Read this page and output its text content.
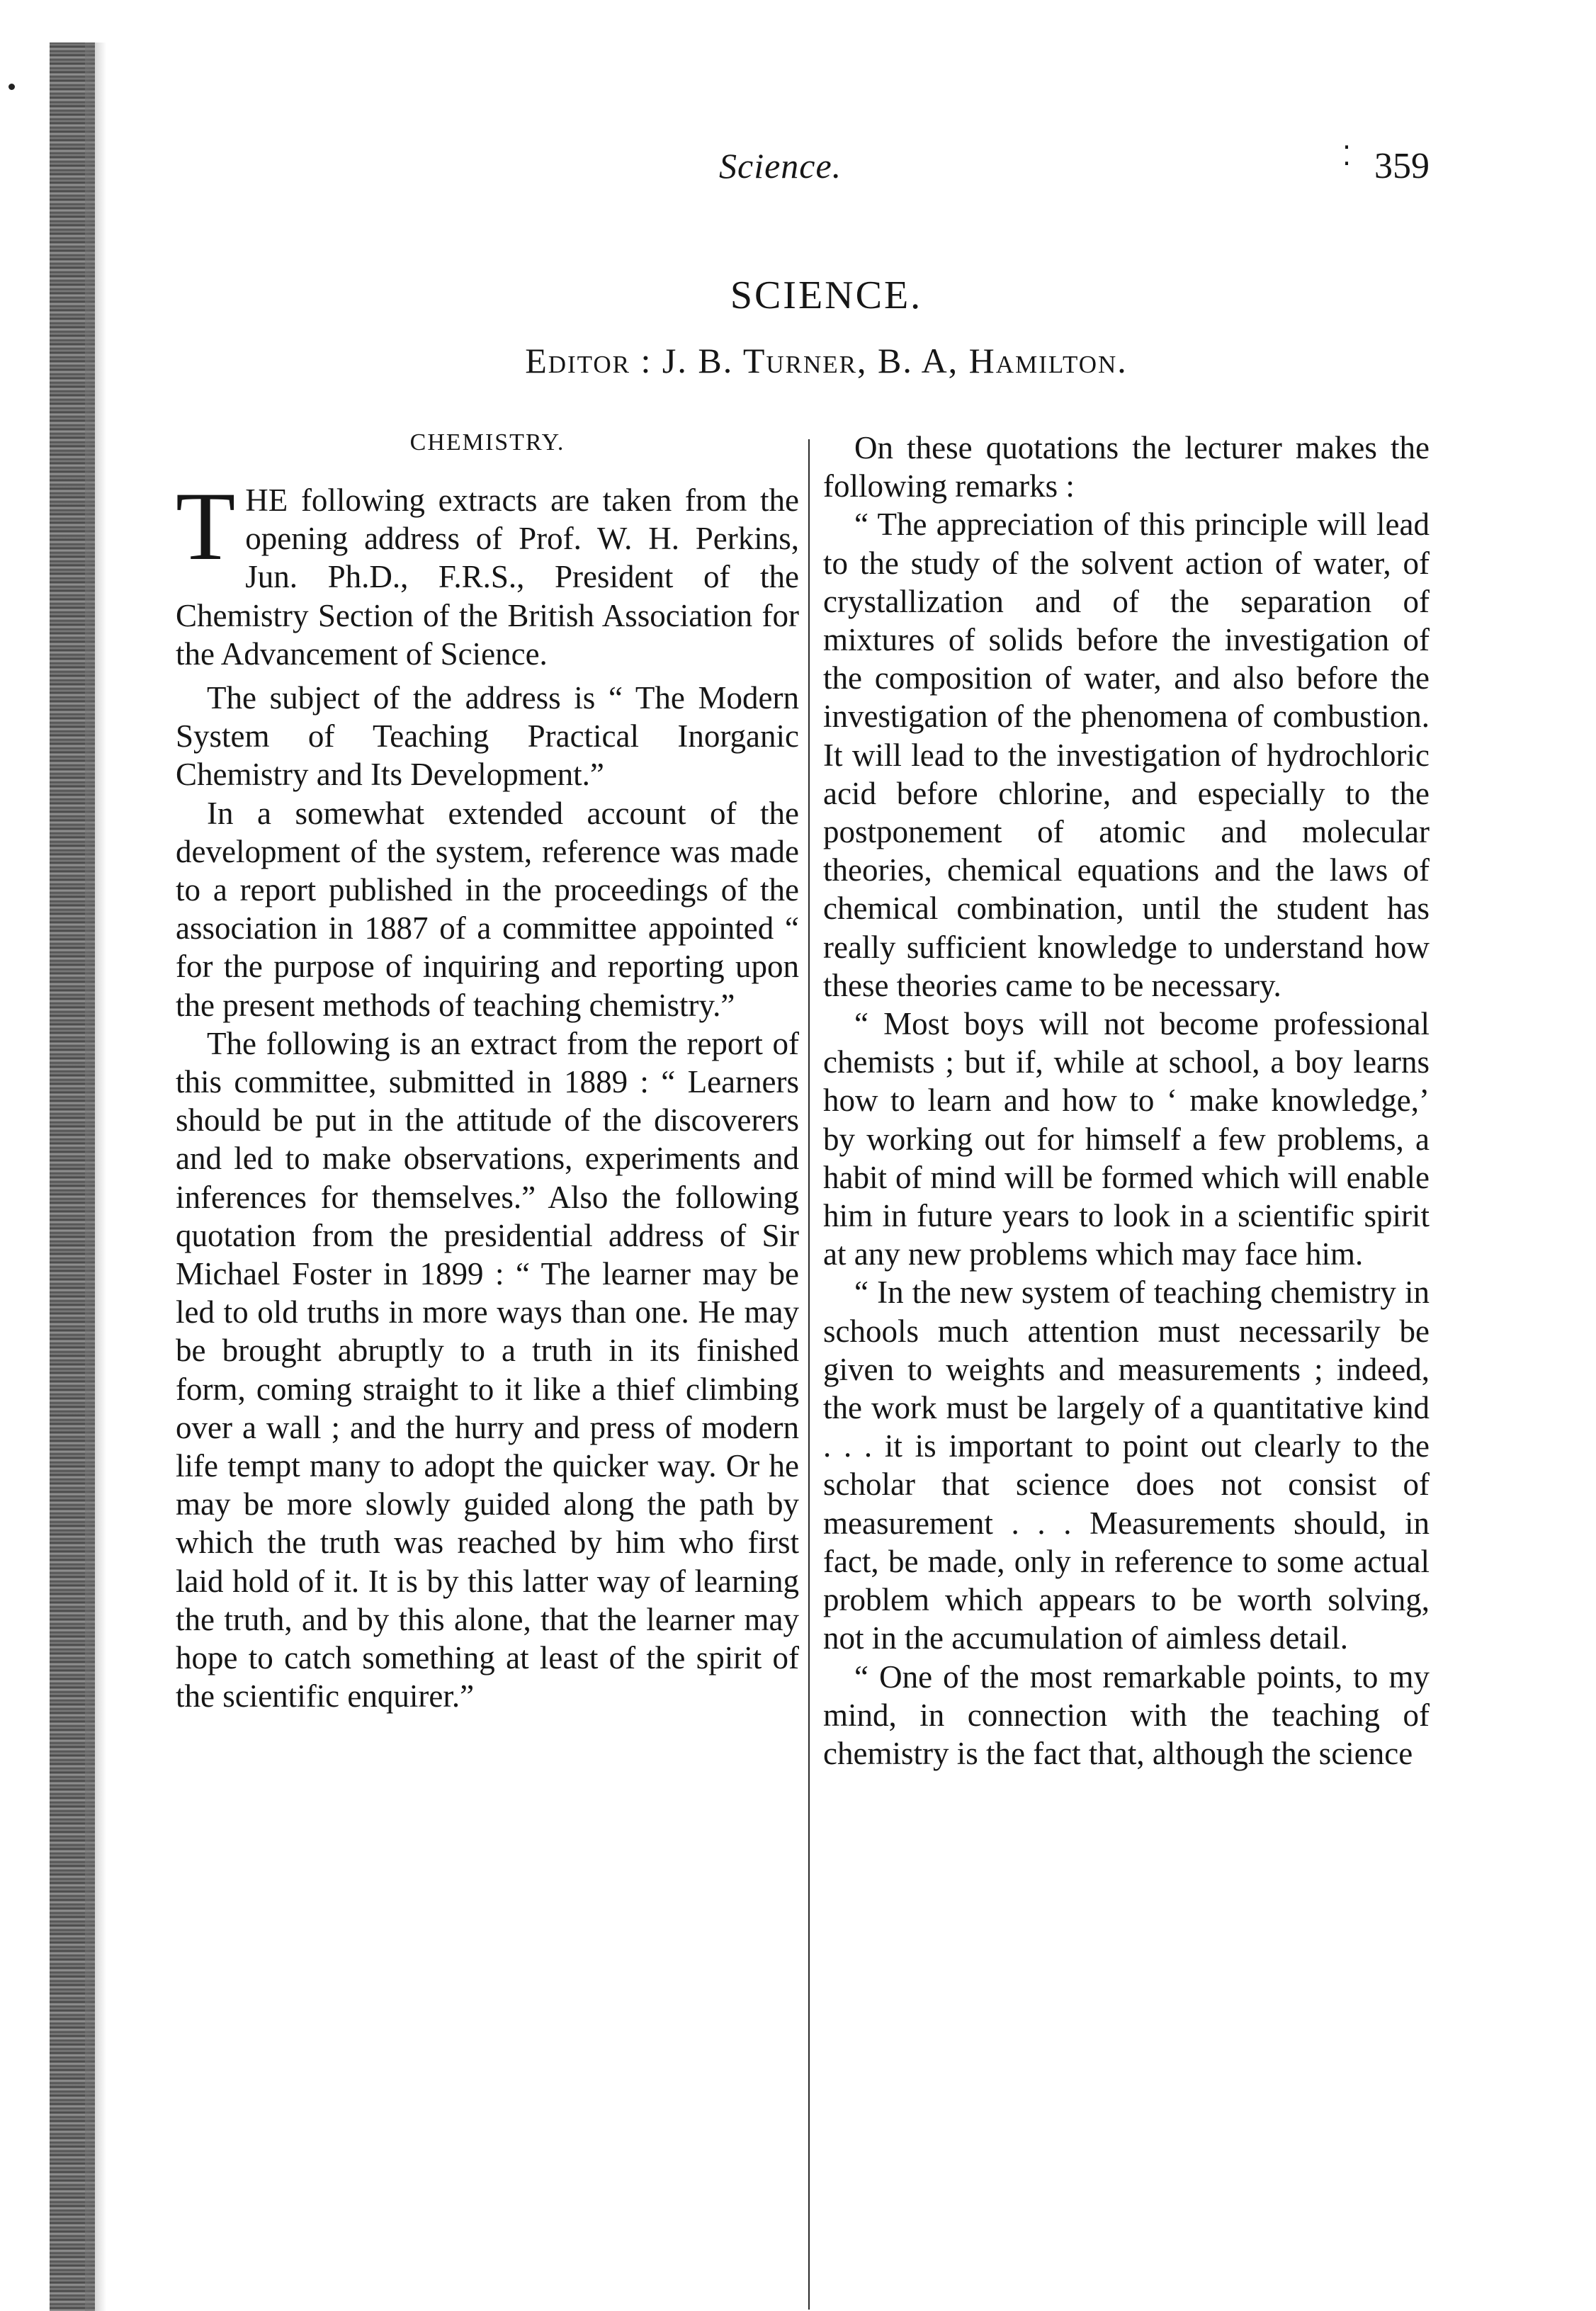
Science.	⁚ 359
SCIENCE.
Editor : J. B. Turner, B. A, Hamilton.
CHEMISTRY.

THE following extracts are taken from the opening address of Prof. W. H. Perkins, Jun. Ph.D., F.R.S., President of the Chemistry Section of the British Association for the Advancement of Science.

The subject of the address is “ The Modern System of Teaching Practical Inorganic Chemistry and Its Development.”

In a somewhat extended account of the development of the system, reference was made to a report published in the proceedings of the association in 1887 of a committee appointed “ for the purpose of inquiring and reporting upon the present methods of teaching chemistry.”

The following is an extract from the report of this committee, submitted in 1889 : “ Learners should be put in the attitude of the discoverers and led to make observations, experiments and inferences for themselves.” Also the following quotation from the presidential address of Sir Michael Foster in 1899 : “ The learner may be led to old truths in more ways than one. He may be brought abruptly to a truth in its finished form, coming straight to it like a thief climbing over a wall ; and the hurry and press of modern life tempt many to adopt the quicker way. Or he may be more slowly guided along the path by which the truth was reached by him who first laid hold of it. It is by this latter way of learning the truth, and by this alone, that the learner may hope to catch something at least of the spirit of the scientific enquirer.”

On these quotations the lecturer makes the following remarks :

“ The appreciation of this principle will lead to the study of the solvent action of water, of crystallization and of the separation of mixtures of solids before the investigation of the composition of water, and also before the investigation of the phenomena of combustion. It will lead to the investigation of hydrochloric acid before chlorine, and especially to the postponement of atomic and molecular theories, chemical equations and the laws of chemical combination, until the student has really sufficient knowledge to understand how these theories came to be necessary.

“ Most boys will not become professional chemists ; but if, while at school, a boy learns how to learn and how to ‘ make knowledge,’ by working out for himself a few problems, a habit of mind will be formed which will enable him in future years to look in a scientific spirit at any new problems which may face him.

“ In the new system of teaching chemistry in schools much attention must necessarily be given to weights and measurements ; indeed, the work must be largely of a quantitative kind . . . it is important to point out clearly to the scholar that science does not consist of measurement . . . Measurements should, in fact, be made, only in reference to some actual problem which appears to be worth solving, not in the accumulation of aimless detail.

“ One of the most remarkable points, to my mind, in connection with the teaching of chemistry is the fact that, although the science
